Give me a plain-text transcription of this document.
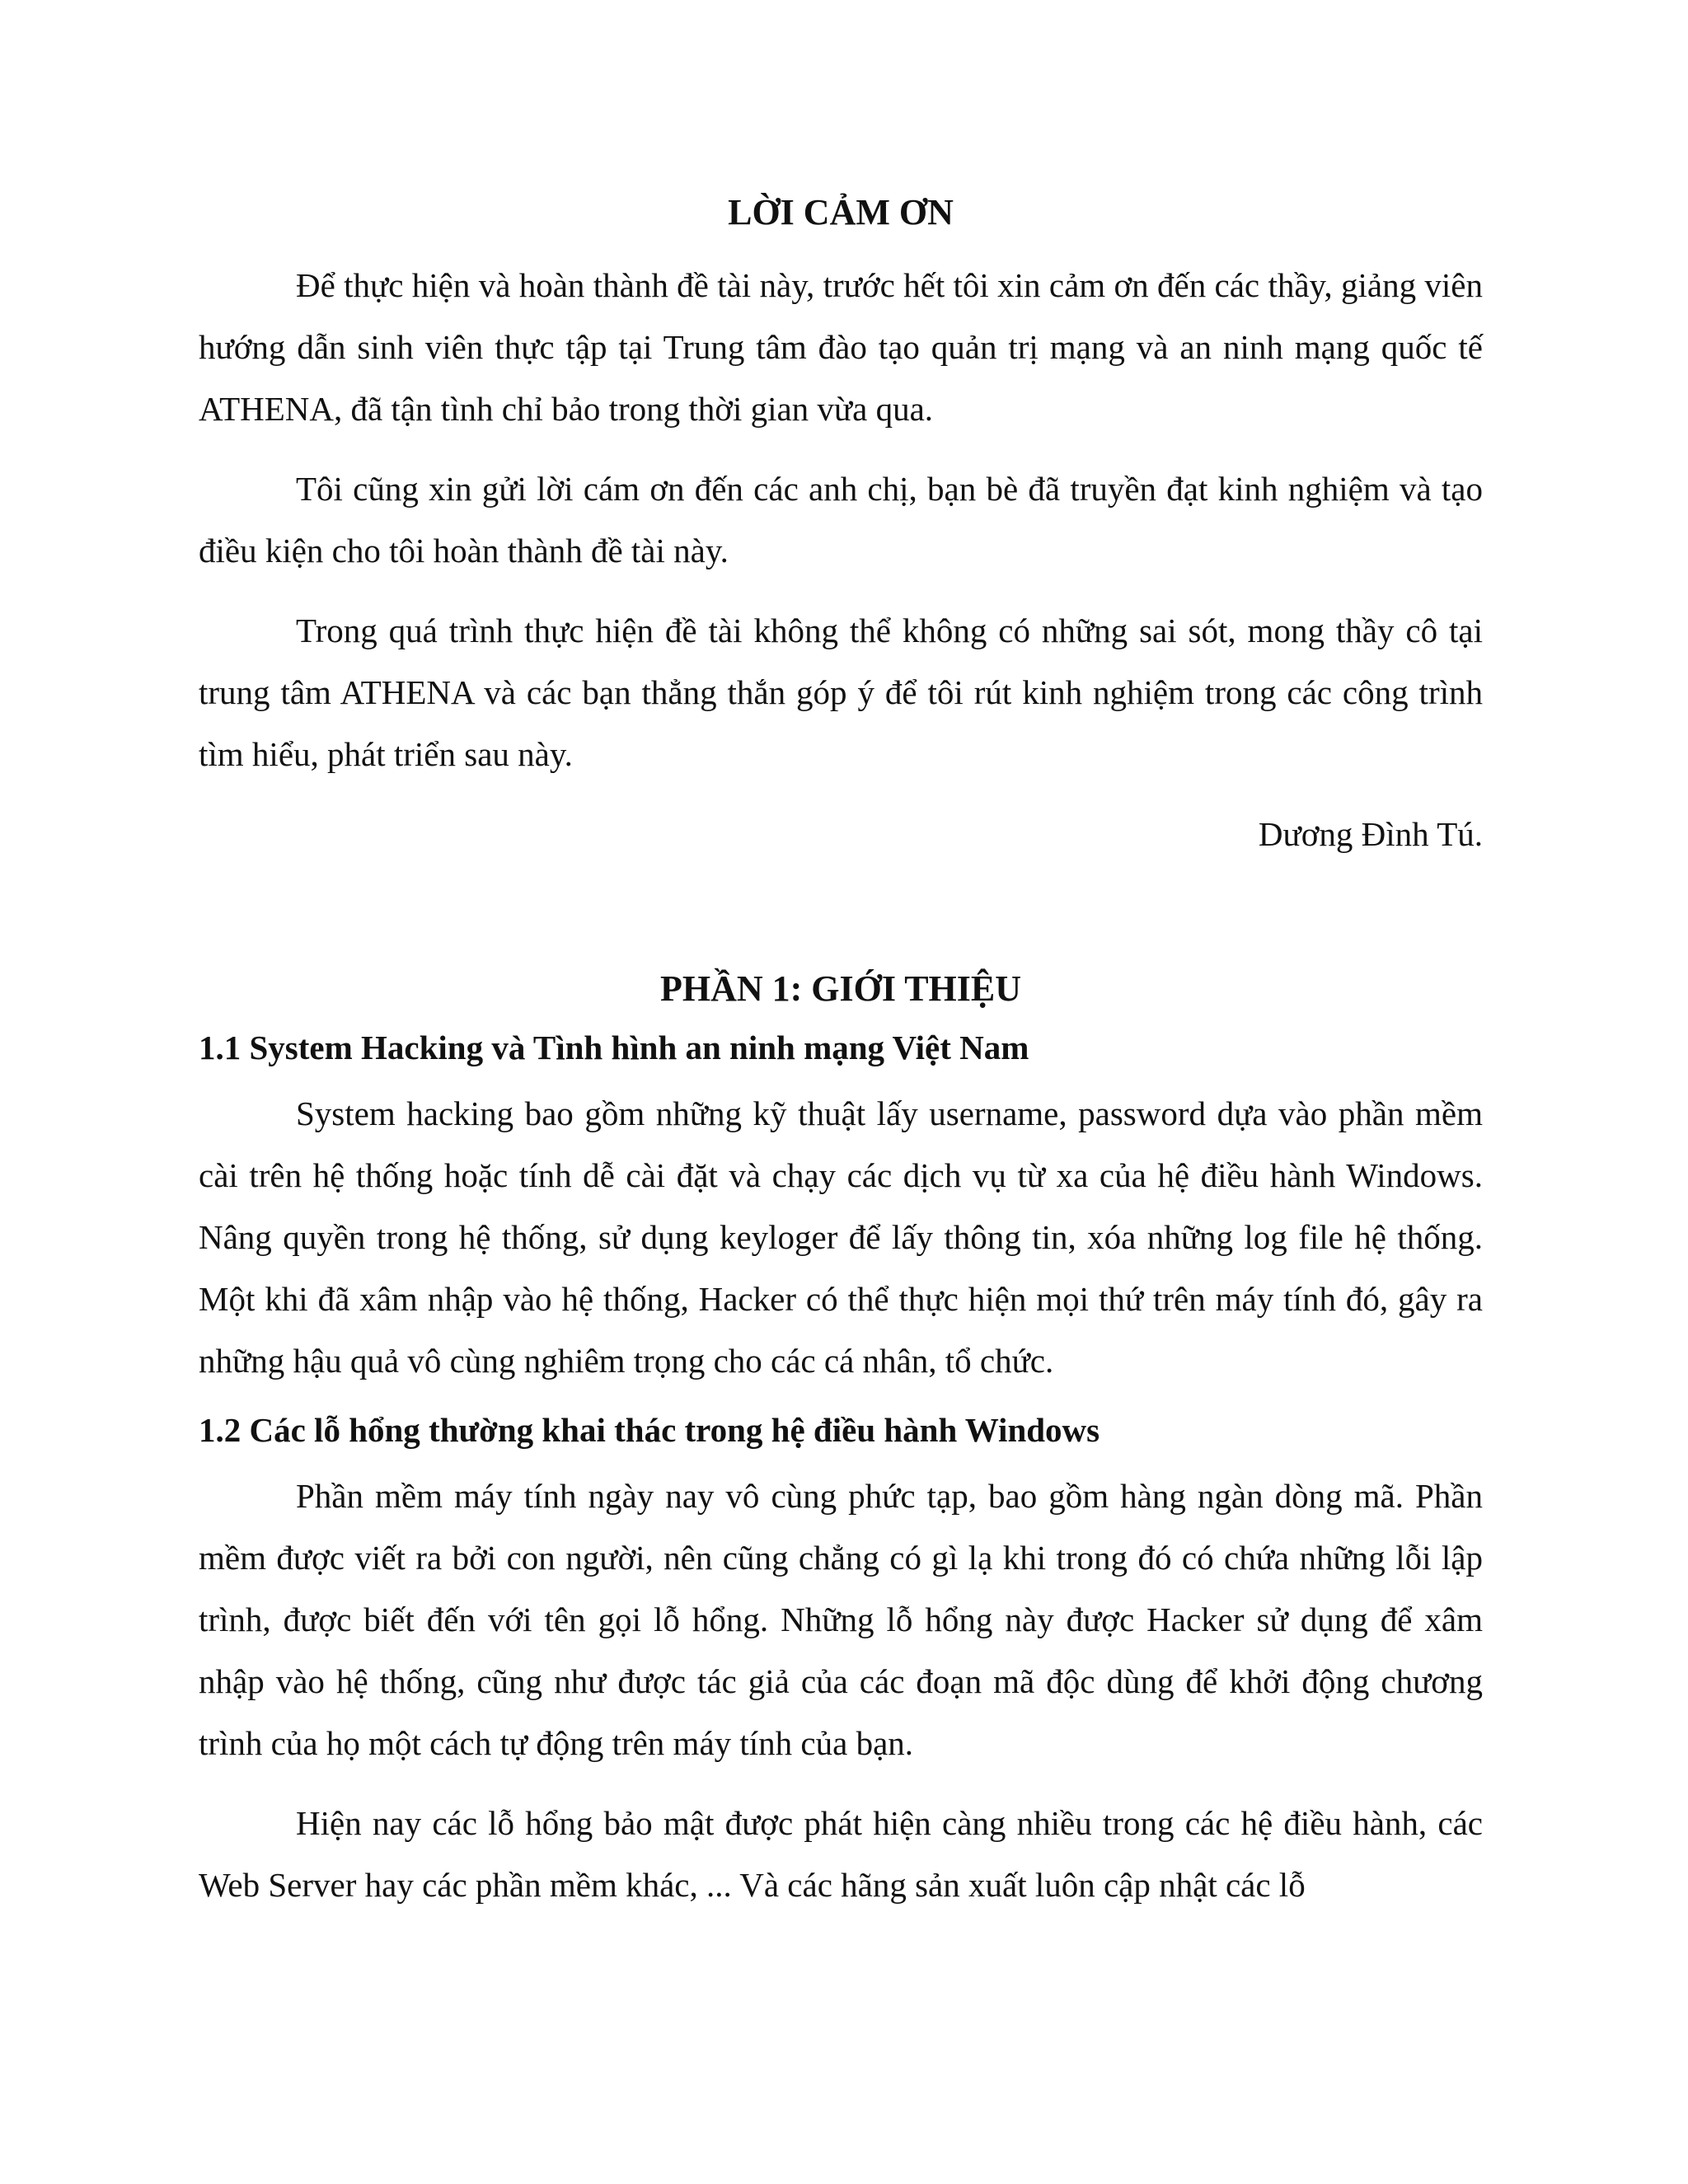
LỜI CẢM ƠN

Để thực hiện và hoàn thành đề tài này, trước hết tôi xin cảm ơn đến các thầy, giảng viên hướng dẫn sinh viên thực tập tại Trung tâm đào tạo quản trị mạng và an ninh mạng quốc tế ATHENA, đã tận tình chỉ bảo trong thời gian vừa qua.

Tôi cũng xin gửi lời cám ơn đến các anh chị, bạn bè đã truyền đạt kinh nghiệm và tạo điều kiện cho tôi hoàn thành đề tài này.

Trong quá trình thực hiện đề tài không thể không có những sai sót, mong thầy cô tại trung tâm ATHENA và các bạn thẳng thắn góp ý để tôi rút kinh nghiệm trong các công trình tìm hiểu, phát triển sau này.

Dương Đình Tú.

PHẦN 1: GIỚI THIỆU
1.1 System Hacking và Tình hình an ninh mạng Việt Nam

System hacking bao gồm những kỹ thuật lấy username, password dựa vào phần mềm cài trên hệ thống hoặc tính dễ cài đặt và chạy các dịch vụ từ xa của hệ điều hành Windows. Nâng quyền trong hệ thống, sử dụng keyloger để lấy thông tin, xóa những log file hệ thống. Một khi đã xâm nhập vào hệ thống, Hacker có thể thực hiện mọi thứ trên máy tính đó, gây ra những hậu quả vô cùng nghiêm trọng cho các cá nhân, tổ chức.

1.2 Các lỗ hổng thường khai thác trong hệ điều hành Windows

Phần mềm máy tính ngày nay vô cùng phức tạp, bao gồm hàng ngàn dòng mã. Phần mềm được viết ra bởi con người, nên cũng chẳng có gì lạ khi trong đó có chứa những lỗi lập trình, được biết đến với tên gọi lỗ hổng. Những lỗ hổng này được Hacker sử dụng để xâm nhập vào hệ thống, cũng như được tác giả của các đoạn mã độc dùng để khởi động chương trình của họ một cách tự động trên máy tính của bạn.

Hiện nay các lỗ hổng bảo mật được phát hiện càng nhiều trong các hệ điều hành, các Web Server hay các phần mềm khác, ... Và các hãng sản xuất luôn cập nhật các lỗ
